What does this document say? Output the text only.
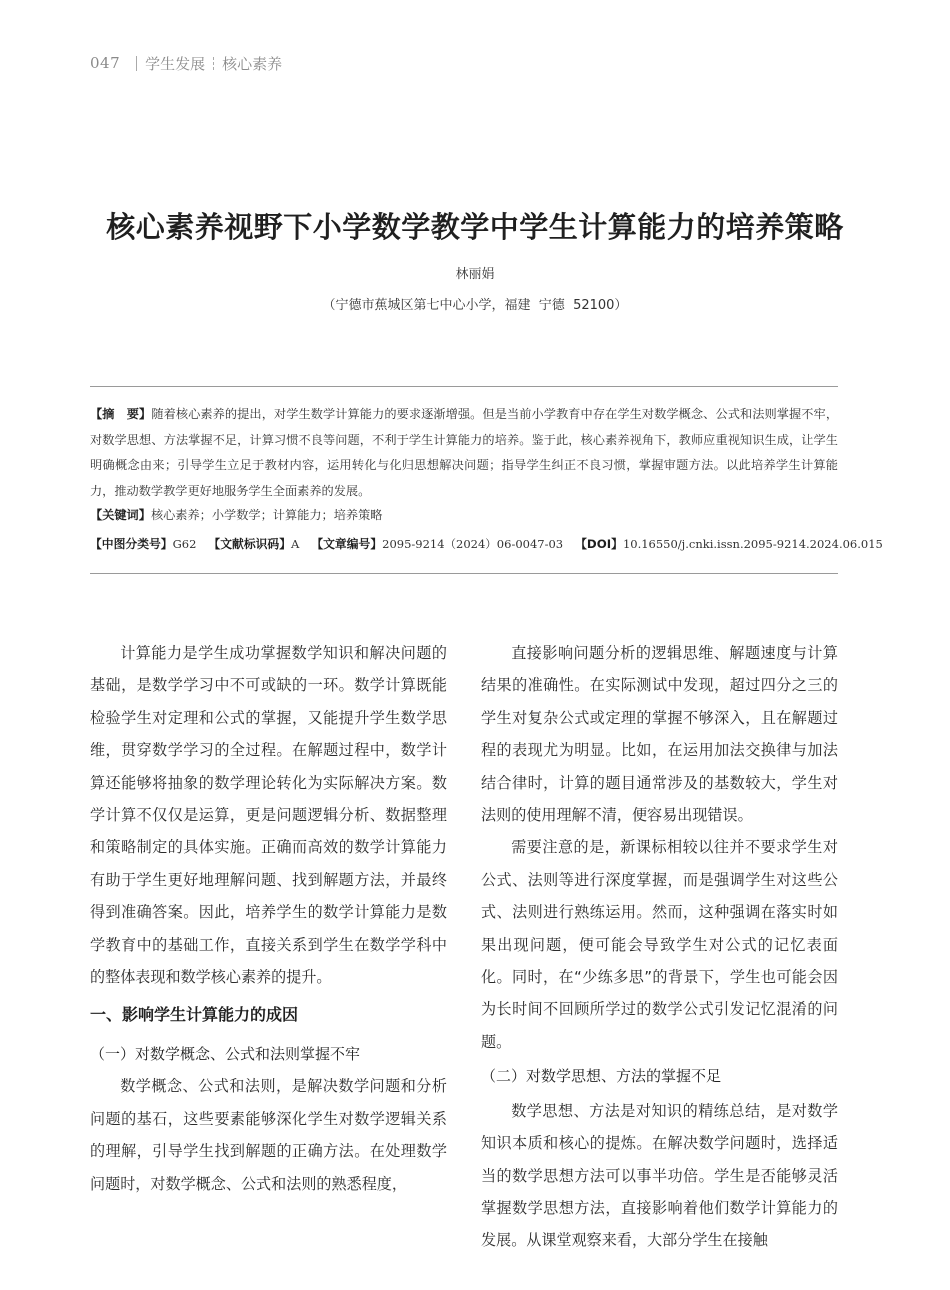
047 学生发展 核心素养
核心素养视野下小学数学教学中学生计算能力的培养策略
林丽娟
（宁德市蕉城区第七中心小学，福建  宁德  52100）
【摘　要】随着核心素养的提出，对学生数学计算能力的要求逐渐增强。但是当前小学教育中存在学生对数学概念、公式和法则掌握不牢，对数学思想、方法掌握不足，计算习惯不良等问题，不利于学生计算能力的培养。鉴于此，核心素养视角下，教师应重视知识生成，让学生明确概念由来；引导学生立足于教材内容，运用转化与化归思想解决问题；指导学生纠正不良习惯，掌握审题方法。以此培养学生计算能力，推动数学教学更好地服务学生全面素养的发展。
【关键词】核心素养；小学数学；计算能力；培养策略
【中图分类号】G62 【文献标识码】A 【文章编号】2095-9214（2024）06-0047-03 【DOI】10.16550/j.cnki.issn.2095-9214.2024.06.015

计算能力是学生成功掌握数学知识和解决问题的基础，是数学学习中不可或缺的一环。数学计算既能检验学生对定理和公式的掌握，又能提升学生数学思维，贯穿数学学习的全过程。在解题过程中，数学计算还能够将抽象的数学理论转化为实际解决方案。数学计算不仅仅是运算，更是问题逻辑分析、数据整理和策略制定的具体实施。正确而高效的数学计算能力有助于学生更好地理解问题、找到解题方法，并最终得到准确答案。因此，培养学生的数学计算能力是数学教育中的基础工作，直接关系到学生在数学学科中的整体表现和数学核心素养的提升。

一、影响学生计算能力的成因
（一）对数学概念、公式和法则掌握不牢

数学概念、公式和法则，是解决数学问题和分析问题的基石，这些要素能够深化学生对数学逻辑关系的理解，引导学生找到解题的正确方法。在处理数学问题时，对数学概念、公式和法则的熟悉程度，

直接影响问题分析的逻辑思维、解题速度与计算结果的准确性。在实际测试中发现，超过四分之三的学生对复杂公式或定理的掌握不够深入，且在解题过程的表现尤为明显。比如，在运用加法交换律与加法结合律时，计算的题目通常涉及的基数较大，学生对法则的使用理解不清，便容易出现错误。

需要注意的是，新课标相较以往并不要求学生对公式、法则等进行深度掌握，而是强调学生对这些公式、法则进行熟练运用。然而，这种强调在落实时如果出现问题，便可能会导致学生对公式的记忆表面化。同时，在“少练多思”的背景下，学生也可能会因为长时间不回顾所学过的数学公式引发记忆混淆的问题。

（二）对数学思想、方法的掌握不足

数学思想、方法是对知识的精练总结，是对数学知识本质和核心的提炼。在解决数学问题时，选择适当的数学思想方法可以事半功倍。学生是否能够灵活掌握数学思想方法，直接影响着他们数学计算能力的发展。从课堂观察来看，大部分学生在接触
